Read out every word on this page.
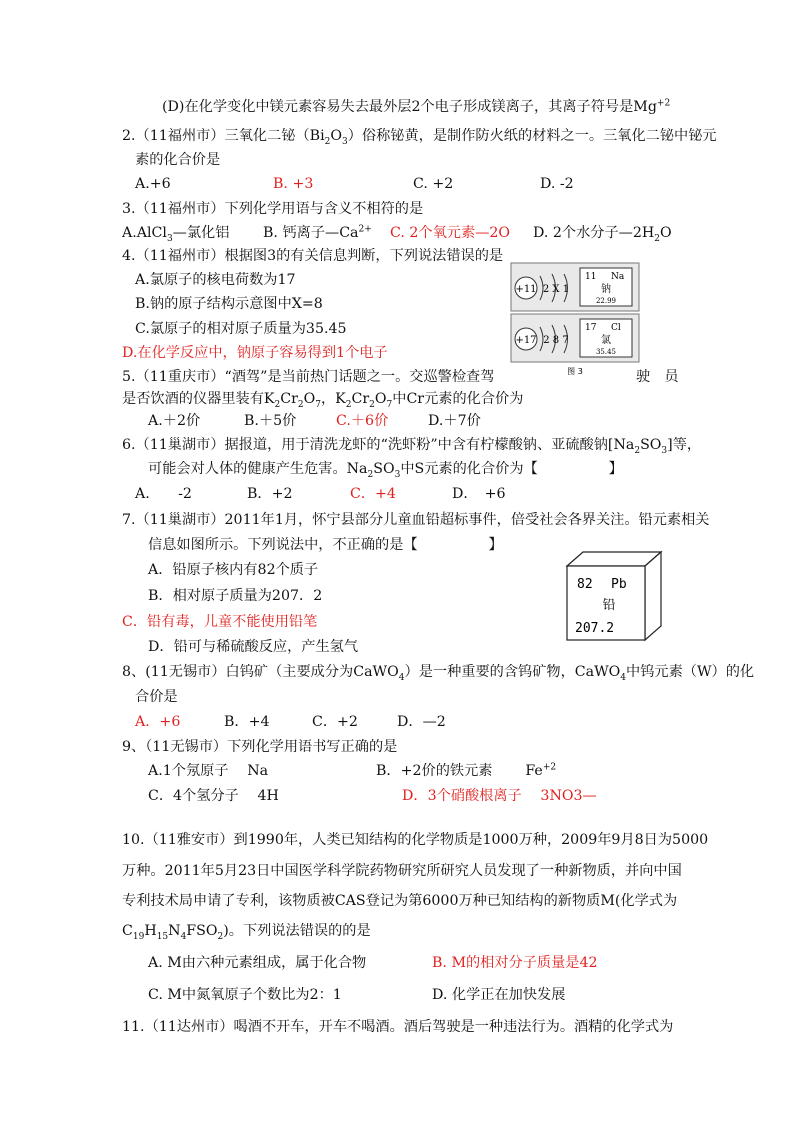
(D)在化学变化中镁元素容易失去最外层2个电子形成镁离子，其离子符号是$Mg^{+2}$
2.（11福州市）三氧化二铋$(Bi_2O_3)$俗称铋黄，是制作防火纸的材料之一。三氧化二铋中铋元
素的化合价是
A.+6	B. +3	C. +2	D. -2
3.（11福州市）下列化学用语与含义不相符的是
A.AlCl$_3$—氯化铝 B. 钙离子$—Ca^{2+}$ C. 2个氧元素—2O D. 2个水分子$—2H_2O$
4.（11福州市）根据图3的有关信息判断，下列说法错误的是
A.氯原子的核电荷数为17
B.钠的原子结构示意图中X=8
C.氯原子的相对原子质量为35.45
D.在化学反应中，钠原子容易得到1个电子
+11 2 X 1
11 Na
钠
22.99
+17 2 8 7
17 Cl
氯
35.45
图 3
5.（11重庆市）“酒驾”是当前热门话题之一。交巡警检查驾	驶　员
是否饮酒的仪器里装有$K_2Cr_2O_7$，$K_2Cr_2O_7$中Cr元素的化合价为
A.＋2价	B.＋5价	C.＋6价	D.＋7价
6.（11巢湖市）据报道，用于清洗龙虾的“洗虾粉”中含有柠檬酸钠、亚硫酸钠$[Na_2SO_3]$等，
可能会对人体的健康产生危害。$Na_2SO_3$中S元素的化合价为【　　　　　】
A.　　-2	B．+2	C．+4	D．　+6
7.（11巢湖市）2011年1月，怀宁县部分儿童血铅超标事件，倍受社会各界关注。铅元素相关
信息如图所示。下列说法中，不正确的是【　　　　　】
A．铅原子核内有82个质子
B．相对原子质量为207．2
C．铅有毒，儿童不能使用铅笔
D．铅可与稀硫酸反应，产生氢气
82 Pb
铅
207.2
8、(11无锡市）白钨矿（主要成分为CaWO$_4$）是一种重要的含钨矿物，CaWO$_4$中钨元素（W）的化
合价是
A．+6	B．+4	C．+2	D．—2
9、（11无锡市）下列化学用语书写正确的是
A.1个氖原子　 Na	B．+2价的铁元素　　 $Fe^{+2}$
C．4个氢分子　 4H	D．3个硝酸根离子　 3NO3—
10.（11雅安市）到1990年，人类已知结构的化学物质是1000万种，2009年9月8日为5000
万种。2011年5月23日中国医学科学院药物研究所研究人员发现了一种新物质，并向中国
专利技术局申请了专利，该物质被CAS登记为第6000万种已知结构的新物质M(化学式为
$C_{19}H_{15}N_4FSO_2$)。下列说法错误的的是
A. M由六种元素组成，属于化合物	B. M的相对分子质量是42
C. M中氮氧原子个数比为2：1	D. 化学正在加快发展
11.（11达州市）喝酒不开车，开车不喝酒。酒后驾驶是一种违法行为。酒精的化学式为
